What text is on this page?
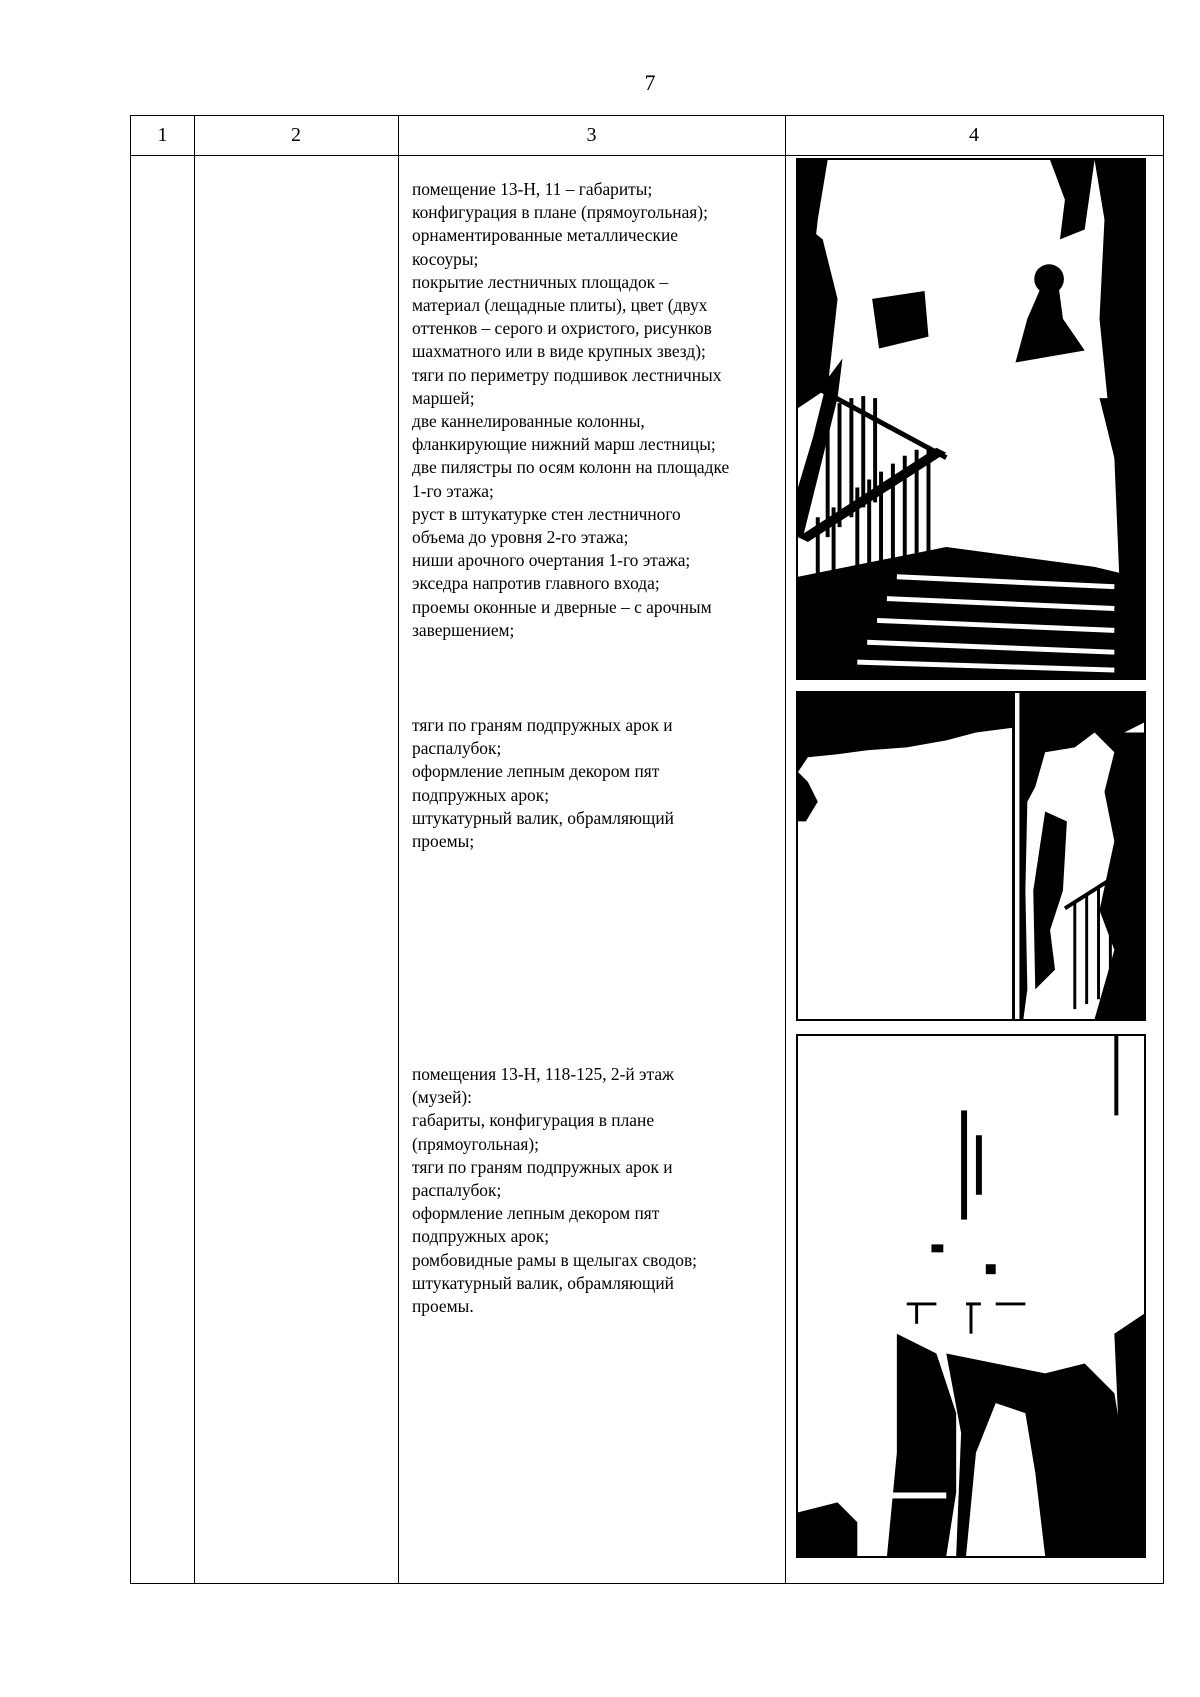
7
1	2	3	4
помещение 13-Н, 11 – габариты;
конфигурация в плане (прямоугольная);
орнаментированные металлические
косоуры;
покрытие лестничных площадок –
материал (лещадные плиты), цвет (двух
оттенков – серого и охристого, рисунков
шахматного или в виде крупных звезд);
тяги по периметру подшивок лестничных
маршей;
две каннелированные колонны,
фланкирующие нижний марш лестницы;
две пилястры по осям колонн на площадке
1-го этажа;
руст в штукатурке стен лестничного
объема до уровня 2-го этажа;
ниши арочного очертания 1-го этажа;
экседра напротив главного входа;
проемы оконные и дверные – с арочным
завершением;
тяги по граням подпружных арок и
распалубок;
оформление лепным декором пят
подпружных арок;
штукатурный валик, обрамляющий
проемы;
помещения 13-Н, 118-125, 2-й этаж
(музей):
габариты, конфигурация в плане
(прямоугольная);
тяги по граням подпружных арок и
распалубок;
оформление лепным декором пят
подпружных арок;
ромбовидные рамы в щелыгах сводов;
штукатурный валик, обрамляющий
проемы.
